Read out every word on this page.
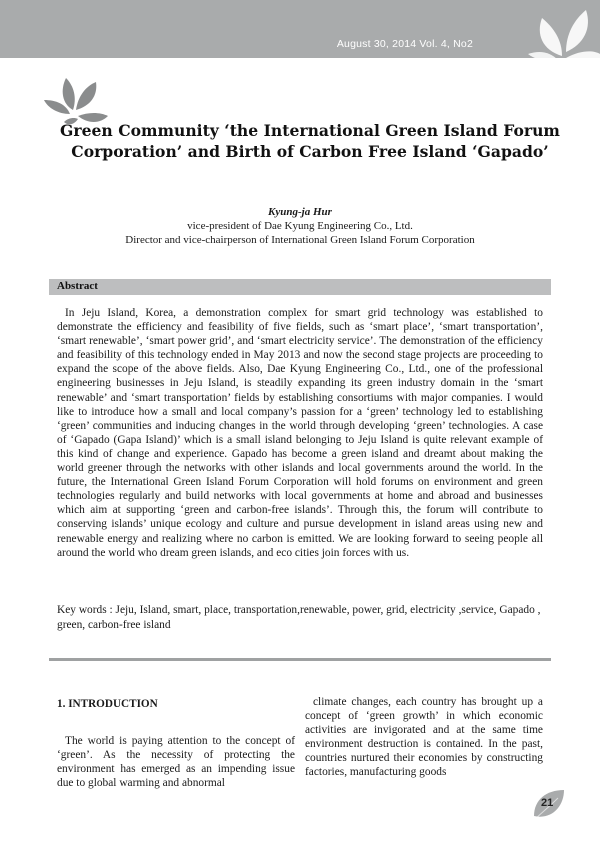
August 30, 2014 Vol. 4, No2
Green Community ‘the International Green Island Forum Corporation’ and Birth of Carbon Free Island ‘Gapado’
Kyung-ja Hur
vice-president of Dae Kyung Engineering Co., Ltd.
Director and vice-chairperson of International Green Island Forum Corporation
Abstract

In Jeju Island, Korea, a demonstration complex for smart grid technology was established to demonstrate the efficiency and feasibility of five fields, such as ‘smart place’, ‘smart transportation’, ‘smart renewable’, ‘smart power grid’, and ‘smart electricity service’. The demonstration of the efficiency and feasibility of this technology ended in May 2013 and now the second stage projects are proceeding to expand the scope of the above fields. Also, Dae Kyung Engineering Co., Ltd., one of the professional engineering businesses in Jeju Island, is steadily expanding its green industry domain in the ‘smart renewable’ and ‘smart transportation’ fields by establishing consortiums with major companies. I would like to introduce how a small and local company’s passion for a ‘green’ technology led to establishing ‘green’ communities and inducing changes in the world through developing ‘green’ technologies. A case of ‘Gapado (Gapa Island)’ which is a small island belonging to Jeju Island is quite relevant example of this kind of change and experience. Gapado has become a green island and dreamt about making the world greener through the networks with other islands and local governments around the world. In the future, the International Green Island Forum Corporation will hold forums on environment and green technologies regularly and build networks with local governments at home and abroad and businesses which aim at supporting ‘green and carbon-free islands’. Through this, the forum will contribute to conserving islands’ unique ecology and culture and pursue development in island areas using new and renewable energy and realizing where no carbon is emitted. We are looking forward to seeing people all around the world who dream green islands, and eco cities join forces with us.

Key words : Jeju, Island, smart, place, transportation,renewable, power, grid, electricity ,service, Gapado , green, carbon-free island

1. INTRODUCTION

The world is paying attention to the concept of ‘green’. As the necessity of protecting the environment has emerged as an impending issue due to global warming and abnormal

climate changes, each country has brought up a concept of ‘green growth’ in which economic activities are invigorated and at the same time environment destruction is contained. In the past, countries nurtured their economies by constructing factories, manufacturing goods

21
